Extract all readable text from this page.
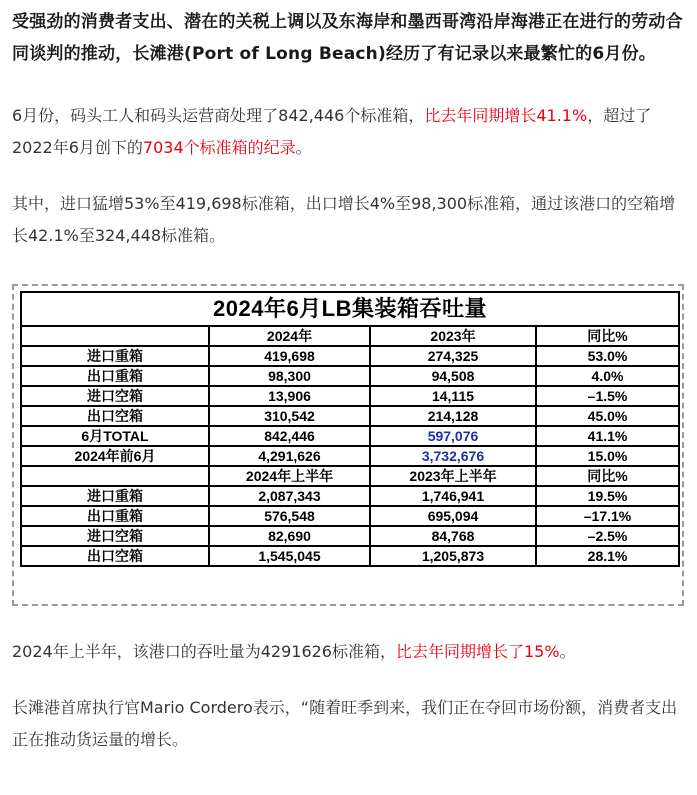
受强劲的消费者支出、潜在的关税上调以及东海岸和墨西哥湾沿岸海港正在进行的劳动合同谈判的推动，长滩港(Port of Long Beach)经历了有记录以来最繁忙的6月份。

6月份，码头工人和码头运营商处理了842,446个标准箱，比去年同期增长41.1%，超过了2022年6月创下的7034个标准箱的纪录。

其中，进口猛增53%至419,698标准箱，出口增长4%至98,300标准箱，通过该港口的空箱增长42.1%至324,448标准箱。

2024年6月LB集装箱吞吐量			
	2024年	2023年	同比%
进口重箱	419,698	274,325	53.0%
出口重箱	98,300	94,508	4.0%
进口空箱	13,906	14,115	–1.5%
出口空箱	310,542	214,128	45.0%
6月TOTAL	842,446	597,076	41.1%
2024年前6月	4,291,626	3,732,676	15.0%
	2024年上半年	2023年上半年	同比%
进口重箱	2,087,343	1,746,941	19.5%
出口重箱	576,548	695,094	–17.1%
进口空箱	82,690	84,768	–2.5%
出口空箱	1,545,045	1,205,873	28.1%

2024年上半年，该港口的吞吐量为4291626标准箱，比去年同期增长了15%。

长滩港首席执行官Mario Cordero表示，“随着旺季到来，我们正在夺回市场份额，消费者支出正在推动货运量的增长。
